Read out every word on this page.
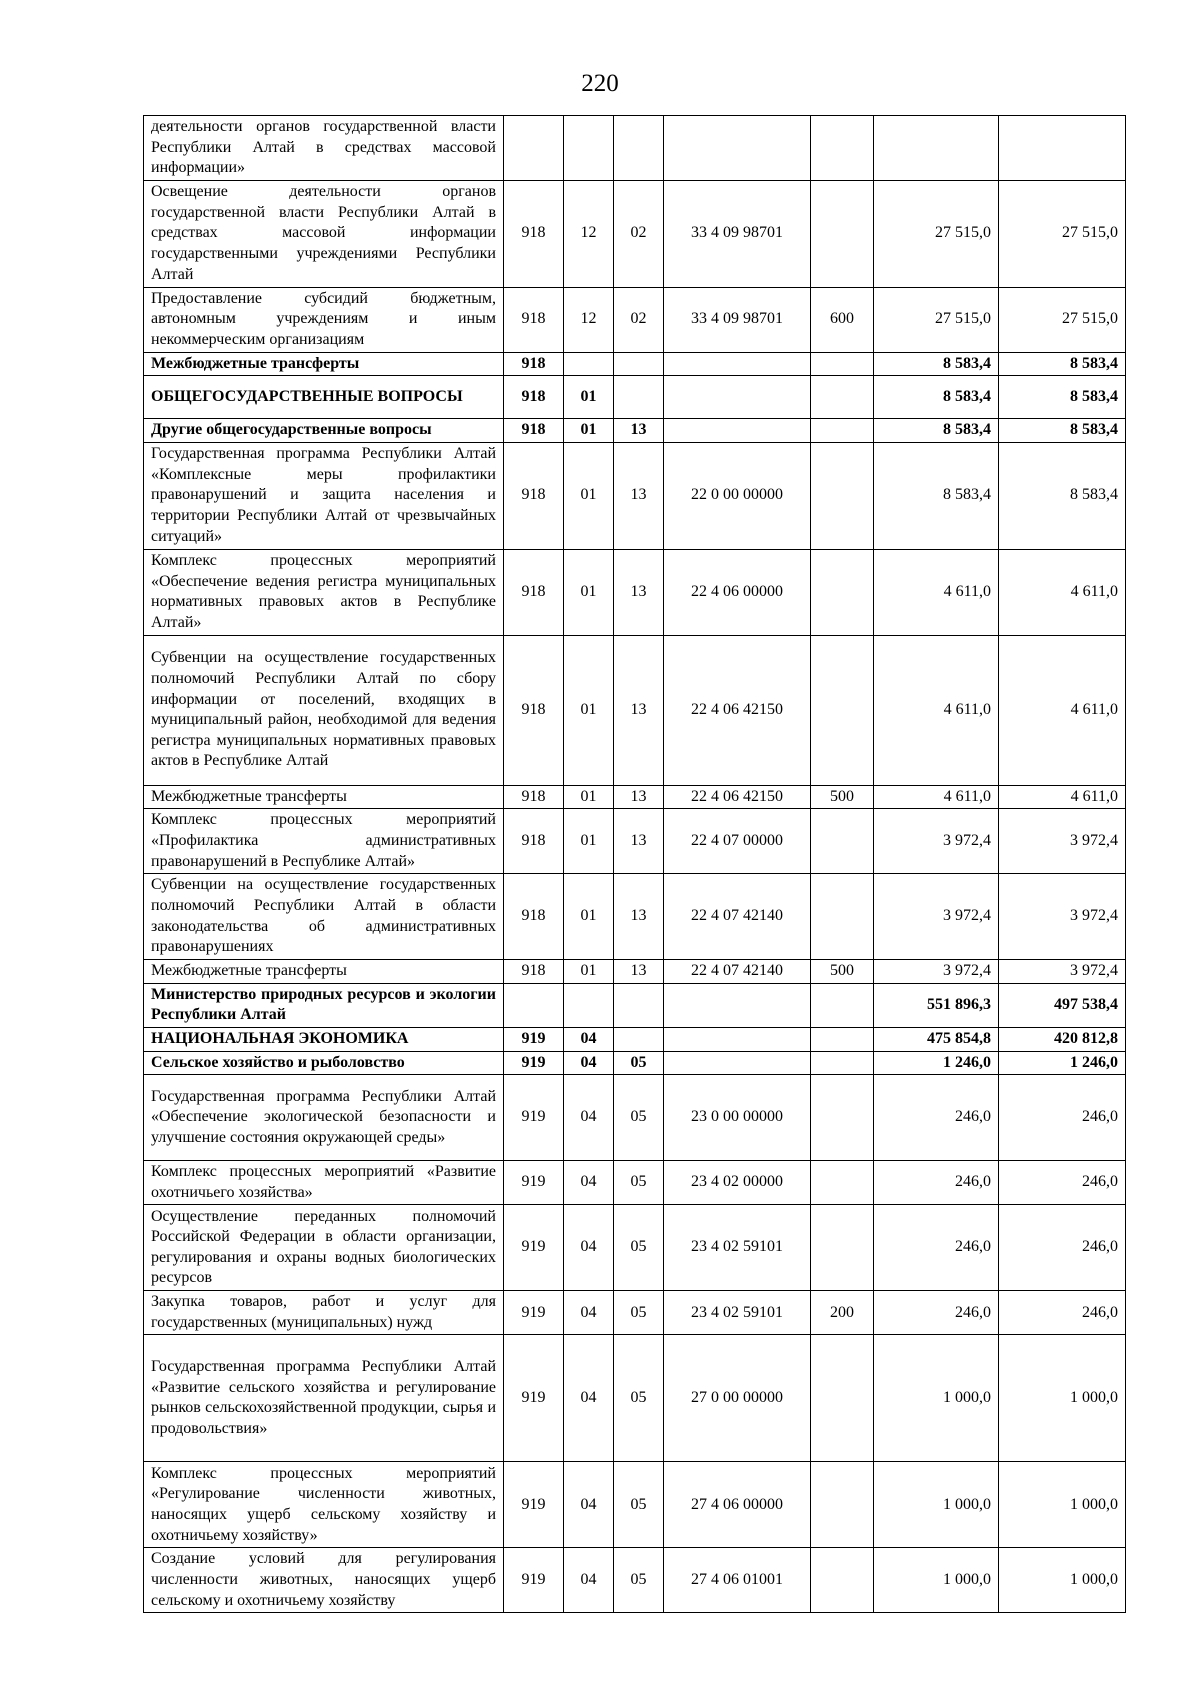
220
деятельности органов государственной власти Республики Алтай в средствах массовой информации»							
Освещение деятельности органов государственной власти Республики Алтай в средствах массовой информации государственными учреждениями Республики Алтай	918	12	02	33 4 09 98701		27 515,0	27 515,0
Предоставление субсидий бюджетным, автономным учреждениям и иным некоммерческим организациям	918	12	02	33 4 09 98701	600	27 515,0	27 515,0
Межбюджетные трансферты	918					8 583,4	8 583,4
ОБЩЕГОСУДАРСТВЕННЫЕ ВОПРОСЫ	918	01				8 583,4	8 583,4
Другие общегосударственные вопросы	918	01	13			8 583,4	8 583,4
Государственная программа Республики Алтай «Комплексные меры профилактики правонарушений и защита населения и территории Республики Алтай от чрезвычайных ситуаций»	918	01	13	22 0 00 00000		8 583,4	8 583,4
Комплекс процессных мероприятий «Обеспечение ведения регистра муниципальных нормативных правовых актов в Республике Алтай»	918	01	13	22 4 06 00000		4 611,0	4 611,0
Субвенции на осуществление государственных полномочий Республики Алтай по сбору информации от поселений, входящих в муниципальный район, необходимой для ведения регистра муниципальных нормативных правовых актов в Республике Алтай	918	01	13	22 4 06 42150		4 611,0	4 611,0
Межбюджетные трансферты	918	01	13	22 4 06 42150	500	4 611,0	4 611,0
Комплекс процессных мероприятий «Профилактика административных правонарушений в Республике Алтай»	918	01	13	22 4 07 00000		3 972,4	3 972,4
Субвенции на осуществление государственных полномочий Республики Алтай в области законодательства об административных правонарушениях	918	01	13	22 4 07 42140		3 972,4	3 972,4
Межбюджетные трансферты	918	01	13	22 4 07 42140	500	3 972,4	3 972,4
Министерство природных ресурсов и экологии Республики Алтай						551 896,3	497 538,4
НАЦИОНАЛЬНАЯ ЭКОНОМИКА	919	04				475 854,8	420 812,8
Сельское хозяйство и рыболовство	919	04	05			1 246,0	1 246,0
Государственная программа Республики Алтай «Обеспечение экологической безопасности и улучшение состояния окружающей среды»	919	04	05	23 0 00 00000		246,0	246,0
Комплекс процессных мероприятий «Развитие охотничьего хозяйства»	919	04	05	23 4 02 00000		246,0	246,0
Осуществление переданных полномочий Российской Федерации в области организации, регулирования и охраны водных биологических ресурсов	919	04	05	23 4 02 59101		246,0	246,0
Закупка товаров, работ и услуг для государственных (муниципальных) нужд	919	04	05	23 4 02 59101	200	246,0	246,0
Государственная программа Республики Алтай «Развитие сельского хозяйства и регулирование рынков сельскохозяйственной продукции, сырья и продовольствия»	919	04	05	27 0 00 00000		1 000,0	1 000,0
Комплекс процессных мероприятий «Регулирование численности животных, наносящих ущерб сельскому хозяйству и охотничьему хозяйству»	919	04	05	27 4 06 00000		1 000,0	1 000,0
Создание условий для регулирования численности животных, наносящих ущерб сельскому и охотничьему хозяйству	919	04	05	27 4 06 01001		1 000,0	1 000,0
